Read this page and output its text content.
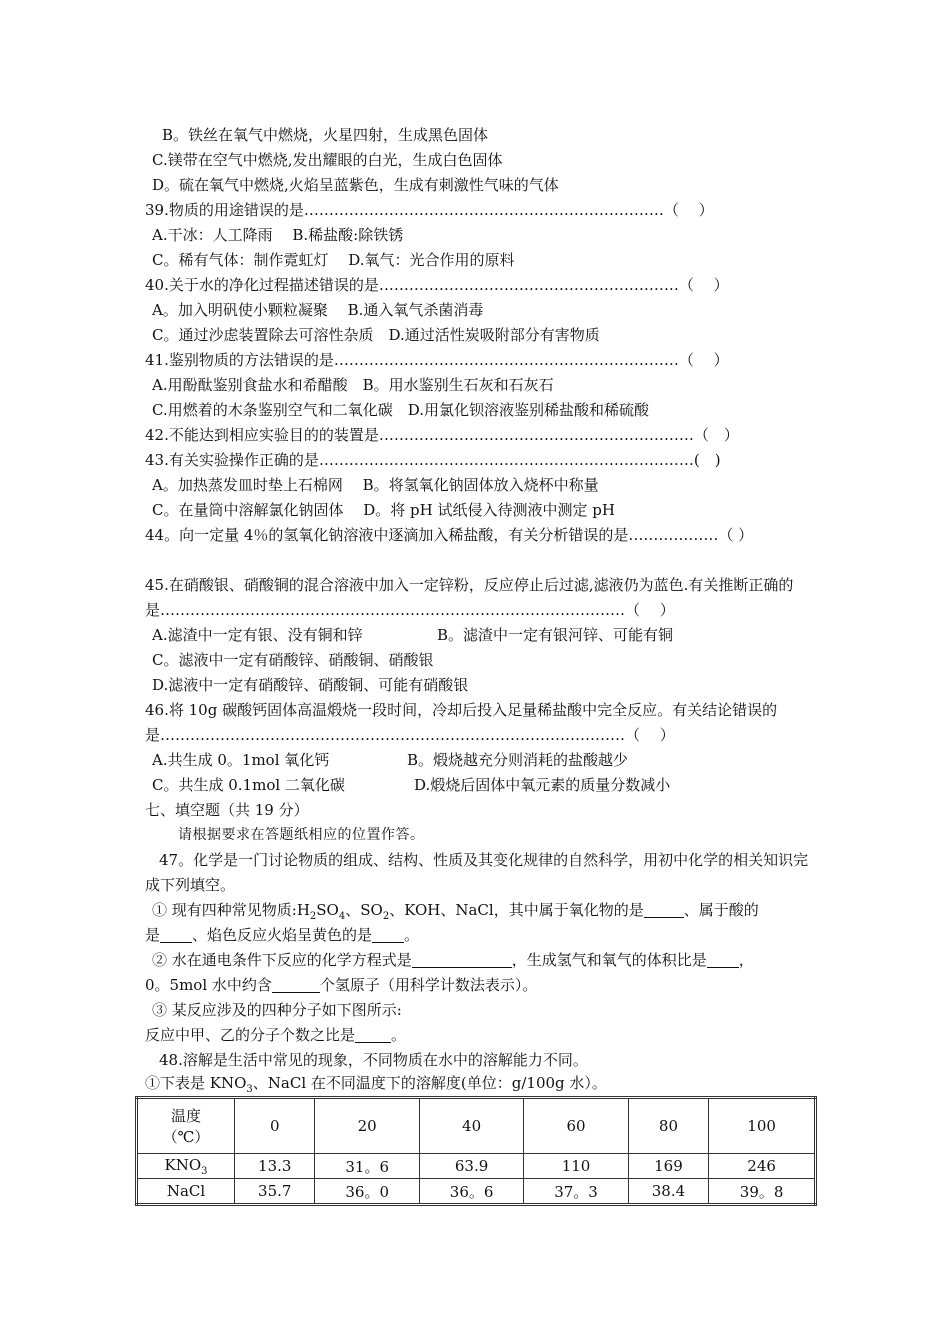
B。铁丝在氧气中燃烧，火星四射，生成黑色固体
C.镁带在空气中燃烧,发出耀眼的白光，生成白色固体
D。硫在氧气中燃烧,火焰呈蓝紫色，生成有刺激性气味的气体
39.物质的用途错误的是………………………………………………………………（　 ）
A.干冰：人工降雨　 B.稀盐酸:除铁锈
C。稀有气体：制作霓虹灯　 D.氧气：光合作用的原料
40.关于水的净化过程描述错误的是……………………………………………………（　 ）
A。加入明矾使小颗粒凝聚　 B.通入氧气杀菌消毒
C。通过沙虑装置除去可溶性杂质　D.通过活性炭吸附部分有害物质
41.鉴别物质的方法错误的是……………………………………………………………（　 ）
A.用酚酞鉴别食盐水和希醋酸　B。用水鉴别生石灰和石灰石
C.用燃着的木条鉴别空气和二氧化碳　D.用氯化钡溶液鉴别稀盐酸和稀硫酸
42.不能达到相应实验目的的装置是………………………………………………………（　）
43.有关实验操作正确的是…………………………………………………………………(　)
A。加热蒸发皿时垫上石棉网　 B。将氢氧化钠固体放入烧杯中称量
C。在量筒中溶解氯化钠固体　 D。将 pH 试纸侵入待测液中测定 pH
44。向一定量 4％的氢氧化钠溶液中逐滴加入稀盐酸，有关分析错误的是………………（ ）
45.在硝酸银、硝酸铜的混合溶液中加入一定锌粉，反应停止后过滤,滤液仍为蓝色.有关推断正确的是…………………………………………………………………………………（　 ）
A.滤渣中一定有银、没有铜和锌	B。滤渣中一定有银河锌、可能有铜
C。滤液中一定有硝酸锌、硝酸铜、硝酸银
D.滤液中一定有硝酸锌、硝酸铜、可能有硝酸银
46.将 10g 碳酸钙固体高温煅烧一段时间，冷却后投入足量稀盐酸中完全反应。有关结论错误的是…………………………………………………………………………………（　 ）
A.共生成 0。1mol 氧化钙	B。煅烧越充分则消耗的盐酸越少
C。共生成 0.1mol 二氧化碳	D.煅烧后固体中氧元素的质量分数减小
七、填空题（共 19 分）
请根据要求在答题纸相应的位置作答。
47。化学是一门讨论物质的组成、结构、性质及其变化规律的自然科学，用初中化学的相关知识完成下列填空。
① 现有四种常见物质$:H_2SO_4$、$SO_2$、KOH、NaCl，其中属于氧化物的是	、属于酸的
是 、焰色反应火焰呈黄色的是 。
② 水在通电条件下反应的化学方程式是	，生成氢气和氧气的体积比是 ，
0。5mol 水中约含	个氢原子（用科学计数法表示）。
③ 某反应涉及的四种分子如下图所示:
反应中甲、乙的分子个数之比是 。
48.溶解是生活中常见的现象，不同物质在水中的溶解能力不同。
①下表是 $KNO_3$、NaCl 在不同温度下的溶解度(单位：g/100g 水）。
温度
（℃）	0	20	40	60	80	100
$KNO_3$	13.3	31。6	63.9	110	169	246
NaCl	35.7	36。0	36。6	37。3	38.4	39。8
